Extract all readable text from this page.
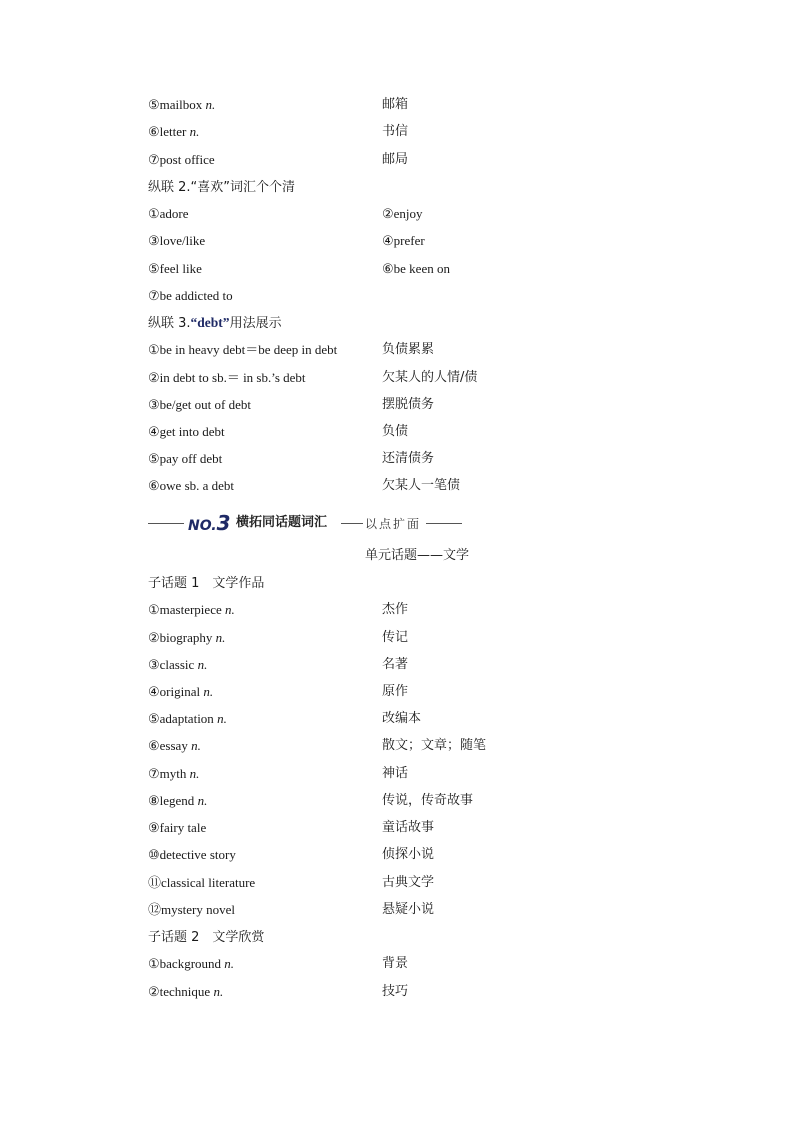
⑤mailbox n.	邮箱
⑥letter n.	书信
⑦post office	邮局
纵联 2.“喜欢”词汇个个清
①adore	②enjoy
③love/like	④prefer
⑤feel like	⑥be keen on
⑦be addicted to
纵联 3.“debt”用法展示
①be in heavy debt＝be deep in debt	负债累累
②in debt to sb.＝ in sb.’s debt	欠某人的人情/债
③be/get out of debt	摆脱债务
④get into debt	负债
⑤pay off debt	还清债务
⑥owe sb. a debt	欠某人一笔债
NO.3 横拓同话题词汇	以点扩面
单元话题——文学
子话题 1　文学作品
①masterpiece n.	杰作
②biography n.	传记
③classic n.	名著
④original n.	原作
⑤adaptation n.	改编本
⑥essay n.	散文；文章；随笔
⑦myth n.	神话
⑧legend n.	传说，传奇故事
⑨fairy tale	童话故事
⑩detective story	侦探小说
⑪classical literature	古典文学
⑫mystery novel	悬疑小说
子话题 2　文学欣赏
①background n.	背景
②technique n.	技巧
